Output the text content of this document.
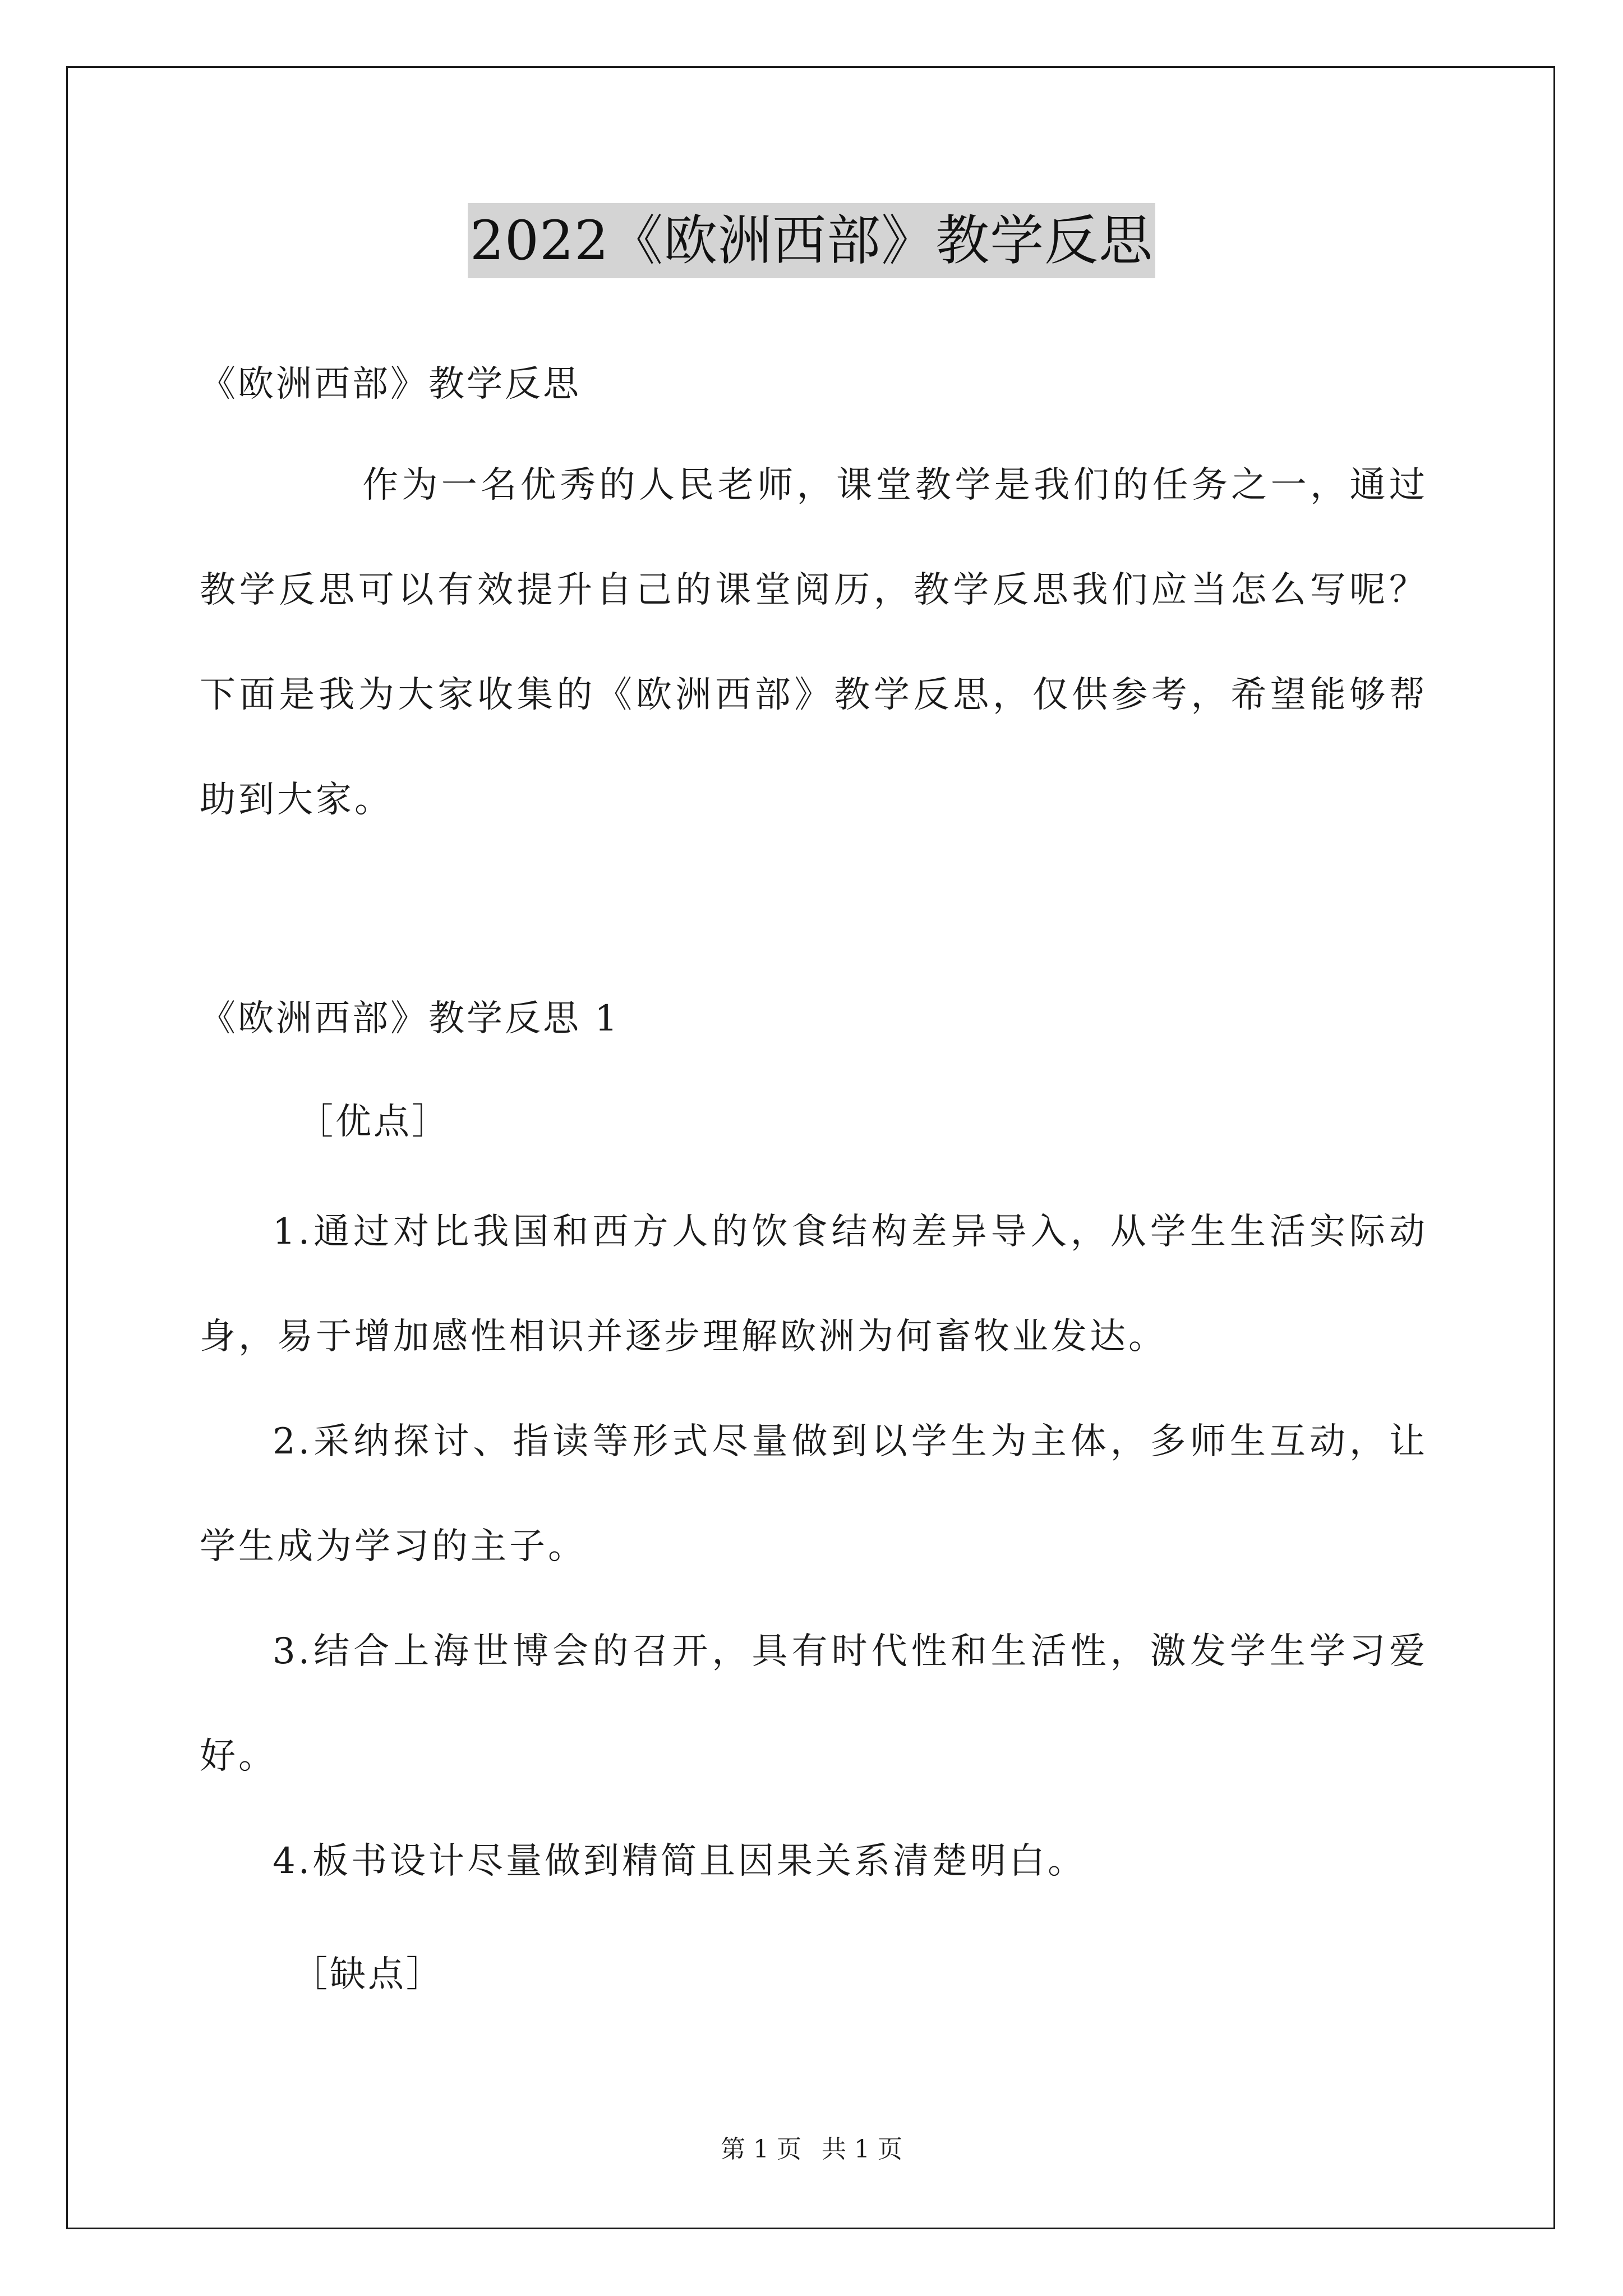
2022《欧洲西部》教学反思
《欧洲西部》教学反思

作为一名优秀的人民老师，课堂教学是我们的任务之一，通过教学反思可以有效提升自己的课堂阅历，教学反思我们应当怎么写呢？下面是我为大家收集的《欧洲西部》教学反思，仅供参考，希望能够帮助到大家。

《欧洲西部》教学反思 1
［优点］

1.通过对比我国和西方人的饮食结构差异导入，从学生生活实际动身，易于增加感性相识并逐步理解欧洲为何畜牧业发达。

2.采纳探讨、指读等形式尽量做到以学生为主体，多师生互动，让学生成为学习的主子。

3.结合上海世博会的召开，具有时代性和生活性，激发学生学习爱好。

4.板书设计尽量做到精简且因果关系清楚明白。

［缺点］
第 1 页 共 1 页
